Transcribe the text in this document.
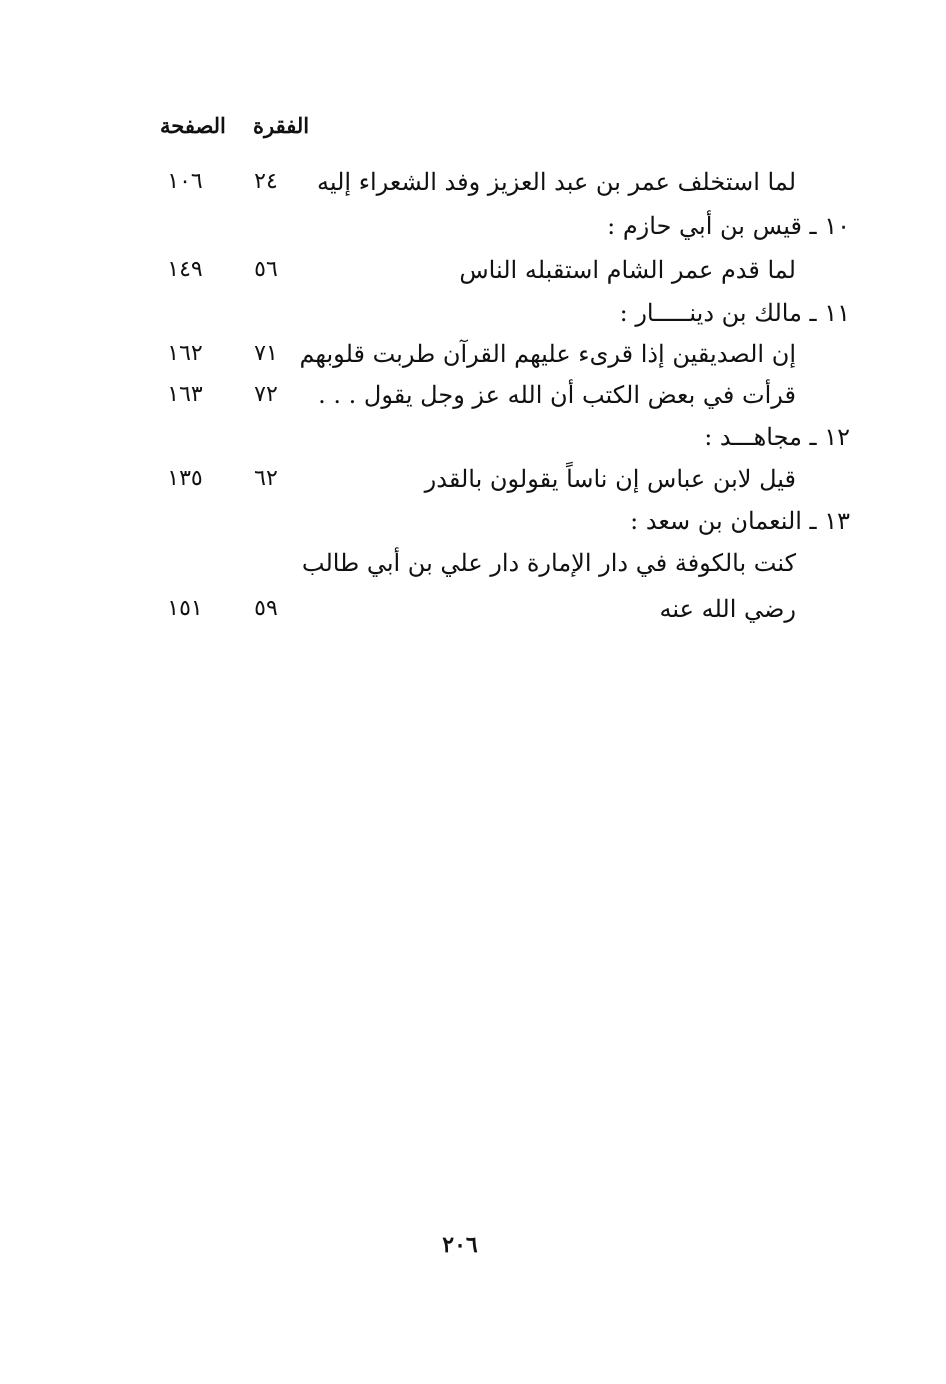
الفقرة
الصفحة
لما استخلف عمر بن عبد العزيز وفد الشعراء إليه
٢٤
١٠٦
١٠ ـ قيس بن أبي حازم :
لما قدم عمر الشام استقبله الناس
٥٦
١٤٩
١١ ـ مالك بن دينـــــار :
إن الصديقين إذا قرىء عليهم القرآن طربت قلوبهم
٧١
١٦٢
قرأت في بعض الكتب أن الله عز وجل يقول . . .
٧٢
١٦٣
١٢ ـ مجاهـــد :
قيل لابن عباس إن ناساً يقولون بالقدر
٦٢
١٣٥
١٣ ـ النعمان بن سعد :
كنت بالكوفة في دار الإمارة دار علي بن أبي طالب
رضي الله عنه
٥٩
١٥١
٢٠٦
